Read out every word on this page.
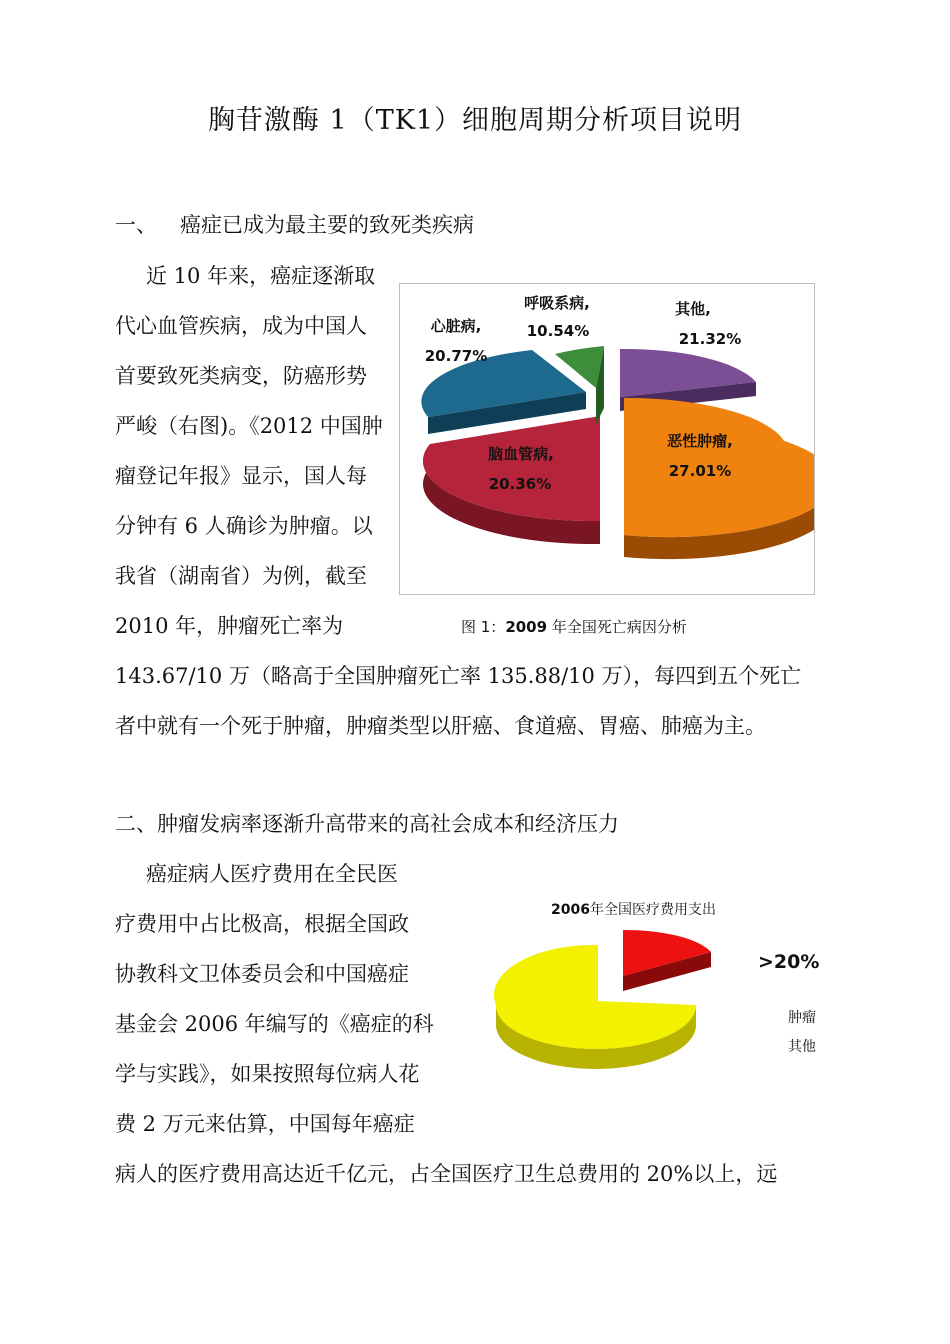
胸苷激酶 1（TK1）细胞周期分析项目说明
一、 癌症已成为最主要的致死类疾病
近 10 年来，癌症逐渐取
代心血管疾病，成为中国人
首要致死类病变，防癌形势
严峻（右图)。《2012 中国肿
瘤登记年报》显示，国人每
分钟有 6 人确诊为肿瘤。以
我省（湖南省）为例，截至
2010 年，肿瘤死亡率为
143.67/10 万（略高于全国肿瘤死亡率 135.88/10 万），每四到五个死亡
者中就有一个死于肿瘤，肿瘤类型以肝癌、食道癌、胃癌、肺癌为主。
其他,
21.32%
恶性肿瘤,
27.01%
脑血管病,
20.36%
心脏病,
20.77%
呼吸系病,
10.54%
图 1：2009 年全国死亡病因分析
二、肿瘤发病率逐渐升高带来的高社会成本和经济压力
癌症病人医疗费用在全民医
疗费用中占比极高，根据全国政
协教科文卫体委员会和中国癌症
基金会 2006 年编写的《癌症的科
学与实践》，如果按照每位病人花
费 2 万元来估算，中国每年癌症
病人的医疗费用高达近千亿元，占全国医疗卫生总费用的 20%以上，远
2006年全国医疗费用支出
>20%
肿瘤
其他
